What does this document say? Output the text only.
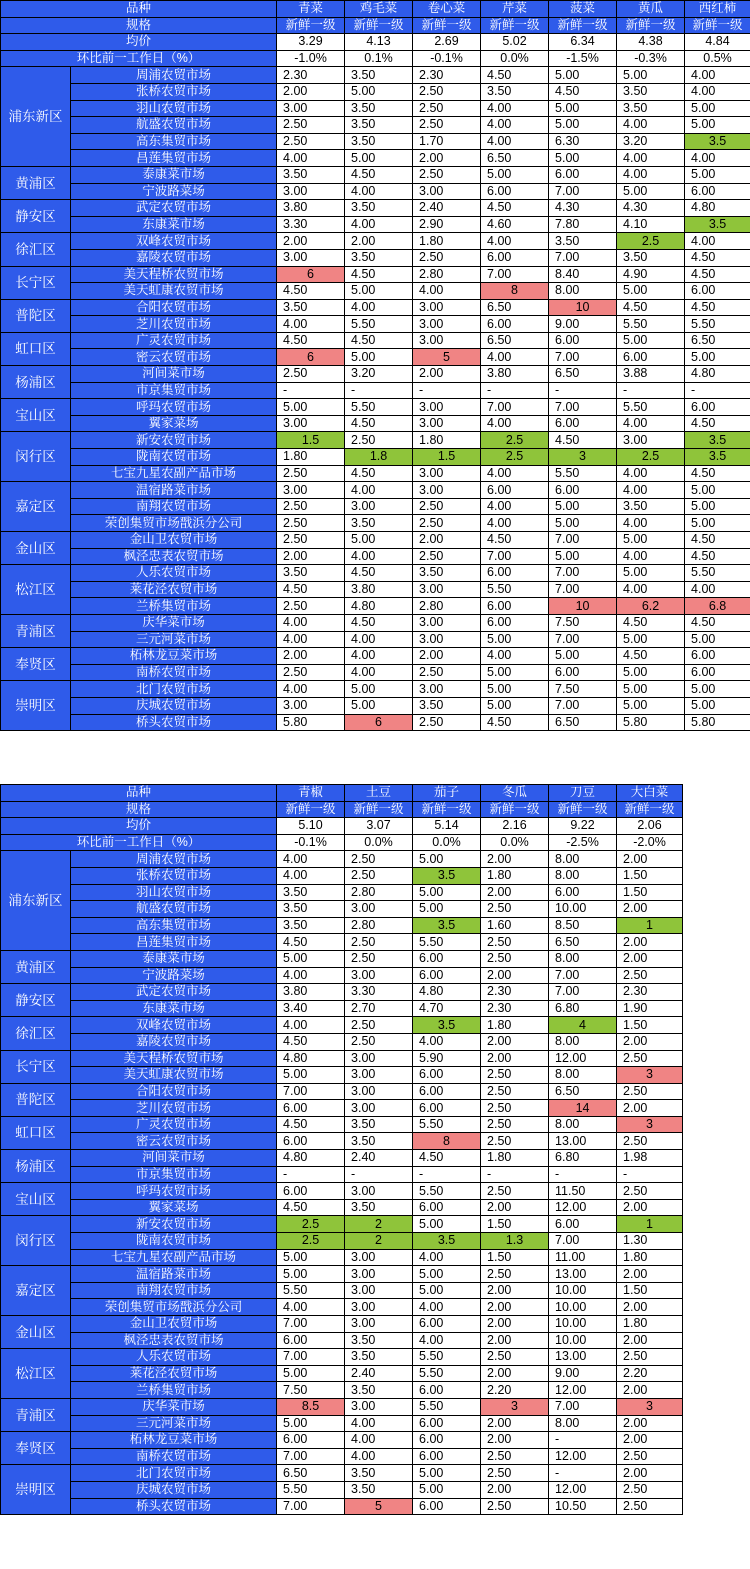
品种		青菜	鸡毛菜	卷心菜	芹菜	菠菜	黄瓜	西红柿
规格		新鲜一级	新鲜一级	新鲜一级	新鲜一级	新鲜一级	新鲜一级	新鲜一级
均价		3.29	4.13	2.69	5.02	6.34	4.38	4.84
环比前一工作日（%）		-1.0%	0.1%	-0.1%	0.0%	-1.5%	-0.3%	0.5%
浦东新区	周浦农贸市场	2.30	3.50	2.30	4.50	5.00	5.00	4.00
	张桥农贸市场	2.00	5.00	2.50	3.50	4.50	3.50	4.00
	羽山农贸市场	3.00	3.50	2.50	4.00	5.00	3.50	5.00
	航盛农贸市场	2.50	3.50	2.50	4.00	5.00	4.00	5.00
	高东集贸市场	2.50	3.50	1.70	4.00	6.30	3.20	3.5
	昌莲集贸市场	4.00	5.00	2.00	6.50	5.00	4.00	4.00
黄浦区	泰康菜市场	3.50	4.50	2.50	5.00	6.00	4.00	5.00
	宁波路菜场	3.00	4.00	3.00	6.00	7.00	5.00	6.00
静安区	武定农贸市场	3.80	3.50	2.40	4.50	4.30	4.30	4.80
	东康菜市场	3.30	4.00	2.90	4.60	7.80	4.10	3.5
徐汇区	双峰农贸市场	2.00	2.00	1.80	4.00	3.50	2.5	4.00
	嘉陵农贸市场	3.00	3.50	2.50	6.00	7.00	3.50	4.50
长宁区	美天程桥农贸市场	6	4.50	2.80	7.00	8.40	4.90	4.50
	美天虹康农贸市场	4.50	5.00	4.00	8	8.00	5.00	6.00
普陀区	合阳农贸市场	3.50	4.00	3.00	6.50	10	4.50	4.50
	芝川农贸市场	4.00	5.50	3.00	6.00	9.00	5.50	5.50
虹口区	广灵农贸市场	4.50	4.50	3.00	6.50	6.00	5.00	6.50
	密云农贸市场	6	5.00	5	4.00	7.00	6.00	5.00
杨浦区	河间菜市场	2.50	3.20	2.00	3.80	6.50	3.88	4.80
	市京集贸市场	-	-	-	-	-	-	-
宝山区	呼玛农贸市场	5.00	5.50	3.00	7.00	7.00	5.50	6.00
	翼家菜场	3.00	4.50	3.00	4.00	6.00	4.00	4.50
闵行区	新安农贸市场	1.5	2.50	1.80	2.5	4.50	3.00	3.5
	陇南农贸市场	1.80	1.8	1.5	2.5	3	2.5	3.5
	七宝九星农副产品市场	2.50	4.50	3.00	4.00	5.50	4.00	4.50
嘉定区	温宿路菜市场	3.00	4.00	3.00	6.00	6.00	4.00	5.00
	南翔农贸市场	2.50	3.00	2.50	4.00	5.00	3.50	5.00
	荣创集贸市场戬浜分公司	2.50	3.50	2.50	4.00	5.00	4.00	5.00
金山区	金山卫农贸市场	2.50	5.00	2.00	4.50	7.00	5.00	4.50
	枫泾忠表农贸市场	2.00	4.00	2.50	7.00	5.00	4.00	4.50
松江区	人乐农贸市场	3.50	4.50	3.50	6.00	7.00	5.00	5.50
	莱花泾农贸市场	4.50	3.80	3.00	5.50	7.00	4.00	4.00
	兰桥集贸市场	2.50	4.80	2.80	6.00	10	6.2	6.8
青浦区	庆华菜市场	4.00	4.50	3.00	6.00	7.50	4.50	4.50
	三元河菜市场	4.00	4.00	3.00	5.00	7.00	5.00	5.00
奉贤区	柘林龙豆菜市场	2.00	4.00	2.00	4.00	5.00	4.50	6.00
	南桥农贸市场	2.50	4.00	2.50	5.00	6.00	5.00	6.00
崇明区	北门农贸市场	4.00	5.00	3.00	5.00	7.50	5.00	5.00
	庆城农贸市场	3.00	5.00	3.50	5.00	7.00	5.00	5.00
	桥头农贸市场	5.80	6	2.50	4.50	6.50	5.80	5.80
品种		青椒	土豆	茄子	冬瓜	刀豆	大白菜
规格		新鲜一级	新鲜一级	新鲜一级	新鲜一级	新鲜一级	新鲜一级
均价		5.10	3.07	5.14	2.16	9.22	2.06
环比前一工作日（%）		-0.1%	0.0%	0.0%	0.0%	-2.5%	-2.0%
浦东新区	周浦农贸市场	4.00	2.50	5.00	2.00	8.00	2.00
	张桥农贸市场	4.00	2.50	3.5	1.80	8.00	1.50
	羽山农贸市场	3.50	2.80	5.00	2.00	6.00	1.50
	航盛农贸市场	3.50	3.00	5.00	2.50	10.00	2.00
	高东集贸市场	3.50	2.80	3.5	1.60	8.50	1
	昌莲集贸市场	4.50	2.50	5.50	2.50	6.50	2.00
黄浦区	泰康菜市场	5.00	2.50	6.00	2.50	8.00	2.00
	宁波路菜场	4.00	3.00	6.00	2.00	7.00	2.50
静安区	武定农贸市场	3.80	3.30	4.80	2.30	7.00	2.30
	东康菜市场	3.40	2.70	4.70	2.30	6.80	1.90
徐汇区	双峰农贸市场	4.00	2.50	3.5	1.80	4	1.50
	嘉陵农贸市场	4.50	2.50	4.00	2.00	8.00	2.00
长宁区	美天程桥农贸市场	4.80	3.00	5.90	2.00	12.00	2.50
	美天虹康农贸市场	5.00	3.00	6.00	2.50	8.00	3
普陀区	合阳农贸市场	7.00	3.00	6.00	2.50	6.50	2.50
	芝川农贸市场	6.00	3.00	6.00	2.50	14	2.00
虹口区	广灵农贸市场	4.50	3.50	5.50	2.50	8.00	3
	密云农贸市场	6.00	3.50	8	2.50	13.00	2.50
杨浦区	河间菜市场	4.80	2.40	4.50	1.80	6.80	1.98
	市京集贸市场	-	-	-	-	-	-
宝山区	呼玛农贸市场	6.00	3.00	5.50	2.50	11.50	2.50
	翼家菜场	4.50	3.50	6.00	2.00	12.00	2.00
闵行区	新安农贸市场	2.5	2	5.00	1.50	6.00	1
	陇南农贸市场	2.5	2	3.5	1.3	7.00	1.30
	七宝九星农副产品市场	5.00	3.00	4.00	1.50	11.00	1.80
嘉定区	温宿路菜市场	5.00	3.00	5.00	2.50	13.00	2.00
	南翔农贸市场	5.50	3.00	5.00	2.00	10.00	1.50
	荣创集贸市场戬浜分公司	4.00	3.00	4.00	2.00	10.00	2.00
金山区	金山卫农贸市场	7.00	3.00	6.00	2.00	10.00	1.80
	枫泾忠表农贸市场	6.00	3.50	4.00	2.00	10.00	2.00
松江区	人乐农贸市场	7.00	3.50	5.50	2.50	13.00	2.50
	莱花泾农贸市场	5.00	2.40	5.50	2.00	9.00	2.20
	兰桥集贸市场	7.50	3.50	6.00	2.20	12.00	2.00
青浦区	庆华菜市场	8.5	3.00	5.50	3	7.00	3
	三元河菜市场	5.00	4.00	6.00	2.00	8.00	2.00
奉贤区	柘林龙豆菜市场	6.00	4.00	6.00	2.00	-	2.00
	南桥农贸市场	7.00	4.00	6.00	2.50	12.00	2.50
崇明区	北门农贸市场	6.50	3.50	5.00	2.50	-	2.00
	庆城农贸市场	5.50	3.50	5.00	2.00	12.00	2.50
	桥头农贸市场	7.00	5	6.00	2.50	10.50	2.50
